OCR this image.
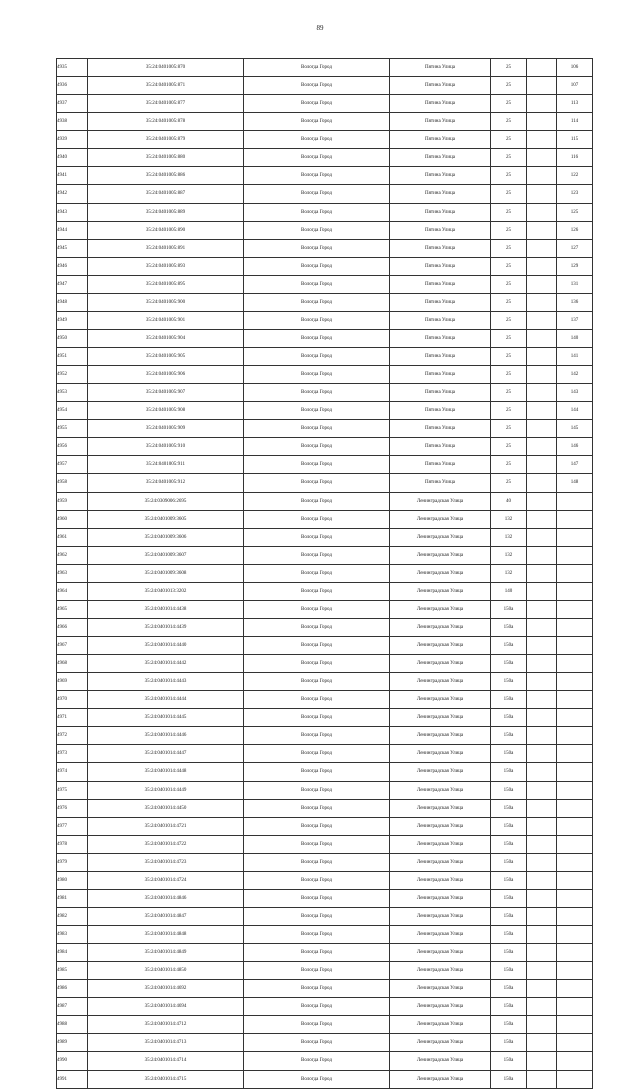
89
4935	35:24:0401005:870	Вологда Город	Пятина Улица	25		106
4936	35:24:0401005:871	Вологда Город	Пятина Улица	25		107
4937	35:24:0401005:877	Вологда Город	Пятина Улица	25		113
4938	35:24:0401005:878	Вологда Город	Пятина Улица	25		114
4939	35:24:0401005:879	Вологда Город	Пятина Улица	25		115
4940	35:24:0401005:880	Вологда Город	Пятина Улица	25		116
4941	35:24:0401005:886	Вологда Город	Пятина Улица	25		122
4942	35:24:0401005:887	Вологда Город	Пятина Улица	25		123
4943	35:24:0401005:889	Вологда Город	Пятина Улица	25		125
4944	35:24:0401005:890	Вологда Город	Пятина Улица	25		126
4945	35:24:0401005:891	Вологда Город	Пятина Улица	25		127
4946	35:24:0401005:893	Вологда Город	Пятина Улица	25		129
4947	35:24:0401005:895	Вологда Город	Пятина Улица	25		131
4948	35:24:0401005:900	Вологда Город	Пятина Улица	25		136
4949	35:24:0401005:901	Вологда Город	Пятина Улица	25		137
4950	35:24:0401005:904	Вологда Город	Пятина Улица	25		140
4951	35:24:0401005:905	Вологда Город	Пятина Улица	25		141
4952	35:24:0401005:906	Вологда Город	Пятина Улица	25		142
4953	35:24:0401005:907	Вологда Город	Пятина Улица	25		143
4954	35:24:0401005:908	Вологда Город	Пятина Улица	25		144
4955	35:24:0401005:909	Вологда Город	Пятина Улица	25		145
4956	35:24:0401005:910	Вологда Город	Пятина Улица	25		146
4957	35:24:0401005:911	Вологда Город	Пятина Улица	25		147
4958	35:24:0401005:912	Вологда Город	Пятина Улица	25		148
4959	35:24:0309006:2695	Вологда Город	Ленинградская Улица	40		
4960	35:24:0401009:3605	Вологда Город	Ленинградская Улица	132		
4961	35:24:0401009:3606	Вологда Город	Ленинградская Улица	132		
4962	35:24:0401009:3607	Вологда Город	Ленинградская Улица	132		
4963	35:24:0401009:3608	Вологда Город	Ленинградская Улица	132		
4964	35:24:0401013:3202	Вологда Город	Ленинградская Улица	140		
4965	35:24:0401014:4438	Вологда Город	Ленинградская Улица	150а		
4966	35:24:0401014:4439	Вологда Город	Ленинградская Улица	150а		
4967	35:24:0401014:4440	Вологда Город	Ленинградская Улица	150а		
4968	35:24:0401014:4442	Вологда Город	Ленинградская Улица	150а		
4969	35:24:0401014:4443	Вологда Город	Ленинградская Улица	150а		
4970	35:24:0401014:4444	Вологда Город	Ленинградская Улица	150а		
4971	35:24:0401014:4445	Вологда Город	Ленинградская Улица	150а		
4972	35:24:0401014:4446	Вологда Город	Ленинградская Улица	150а		
4973	35:24:0401014:4447	Вологда Город	Ленинградская Улица	150а		
4974	35:24:0401014:4448	Вологда Город	Ленинградская Улица	150а		
4975	35:24:0401014:4449	Вологда Город	Ленинградская Улица	150а		
4976	35:24:0401014:4450	Вологда Город	Ленинградская Улица	150а		
4977	35:24:0401014:4721	Вологда Город	Ленинградская Улица	150а		
4978	35:24:0401014:4722	Вологда Город	Ленинградская Улица	150а		
4979	35:24:0401014:4723	Вологда Город	Ленинградская Улица	150а		
4980	35:24:0401014:4724	Вологда Город	Ленинградская Улица	150а		
4981	35:24:0401014:4846	Вологда Город	Ленинградская Улица	150а		
4982	35:24:0401014:4847	Вологда Город	Ленинградская Улица	150а		
4983	35:24:0401014:4848	Вологда Город	Ленинградская Улица	150а		
4984	35:24:0401014:4849	Вологда Город	Ленинградская Улица	150а		
4985	35:24:0401014:4850	Вологда Город	Ленинградская Улица	150а		
4986	35:24:0401014:4692	Вологда Город	Ленинградская Улица	150а		
4987	35:24:0401014:4694	Вологда Город	Ленинградская Улица	150а		
4988	35:24:0401014:4712	Вологда Город	Ленинградская Улица	150а		
4989	35:24:0401014:4713	Вологда Город	Ленинградская Улица	150а		
4990	35:24:0401014:4714	Вологда Город	Ленинградская Улица	150а		
4991	35:24:0401014:4715	Вологда Город	Ленинградская Улица	150а		
